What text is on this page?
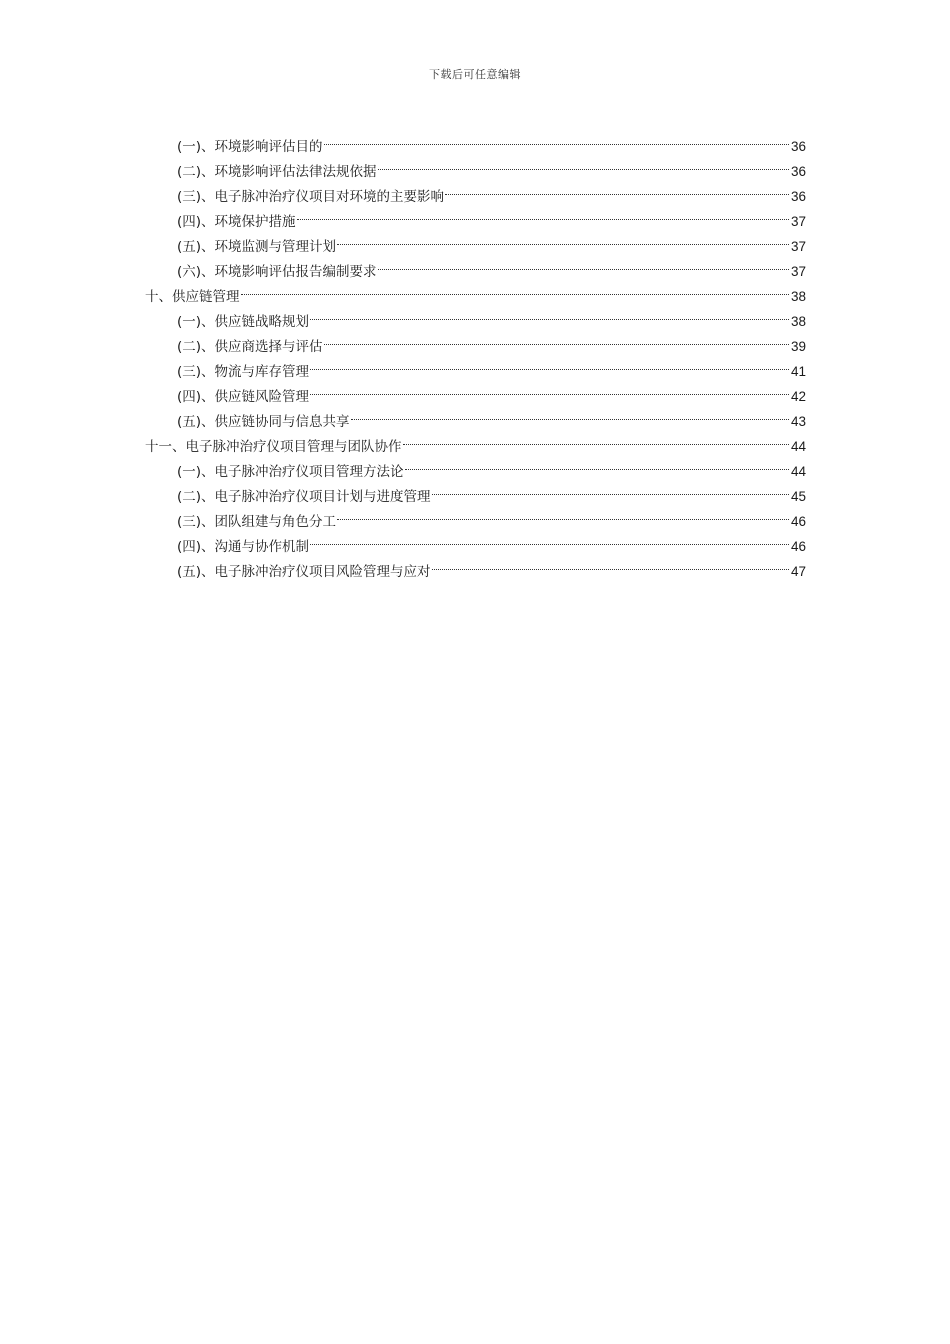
下载后可任意编辑
(一)、环境影响评估目的	36
(二)、环境影响评估法律法规依据	36
(三)、电子脉冲治疗仪项目对环境的主要影响	36
(四)、环境保护措施	37
(五)、环境监测与管理计划	37
(六)、环境影响评估报告编制要求	37
十、供应链管理	38
(一)、供应链战略规划	38
(二)、供应商选择与评估	39
(三)、物流与库存管理	41
(四)、供应链风险管理	42
(五)、供应链协同与信息共享	43
十一、电子脉冲治疗仪项目管理与团队协作	44
(一)、电子脉冲治疗仪项目管理方法论	44
(二)、电子脉冲治疗仪项目计划与进度管理	45
(三)、团队组建与角色分工	46
(四)、沟通与协作机制	46
(五)、电子脉冲治疗仪项目风险管理与应对	47
